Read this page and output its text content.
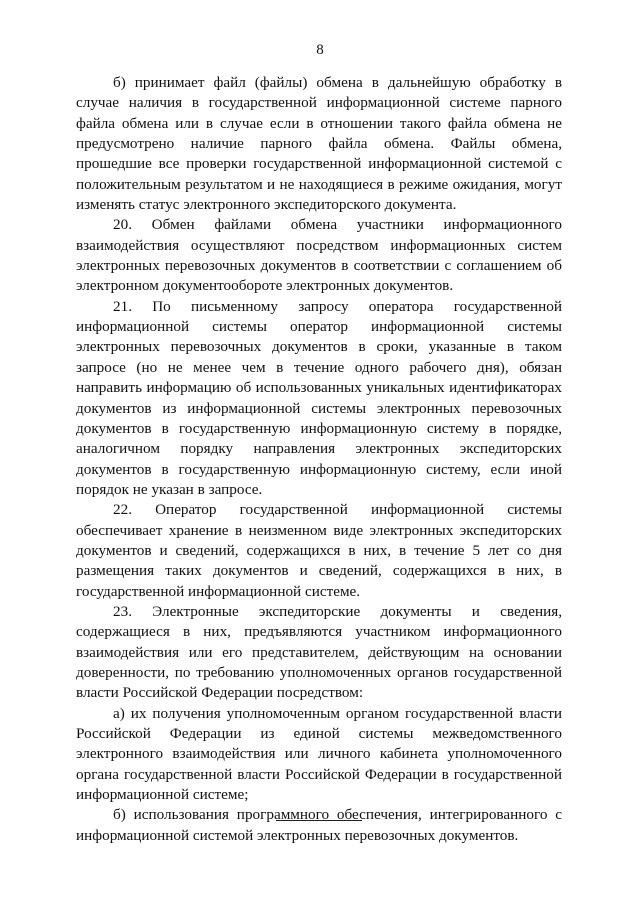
8

б) принимает файл (файлы) обмена в дальнейшую обработку в случае наличия в государственной информационной системе парного файла обмена или в случае если в отношении такого файла обмена не предусмотрено наличие парного файла обмена. Файлы обмена, прошедшие все проверки государственной информационной системой с положительным результатом и не находящиеся в режиме ожидания, могут изменять статус электронного экспедиторского документа.

20. Обмен файлами обмена участники информационного взаимодействия осуществляют посредством информационных систем электронных перевозочных документов в соответствии с соглашением об электронном документообороте электронных документов.

21. По письменному запросу оператора государственной информационной системы оператор информационной системы электронных перевозочных документов в сроки, указанные в таком запросе (но не менее чем в течение одного рабочего дня), обязан направить информацию об использованных уникальных идентификаторах документов из информационной системы электронных перевозочных документов в государственную информационную систему в порядке, аналогичном порядку направления электронных экспедиторских документов в государственную информационную систему, если иной порядок не указан в запросе.

22. Оператор государственной информационной системы обеспечивает хранение в неизменном виде электронных экспедиторских документов и сведений, содержащихся в них, в течение 5 лет со дня размещения таких документов и сведений, содержащихся в них, в государственной информационной системе.

23. Электронные экспедиторские документы и сведения, содержащиеся в них, предъявляются участником информационного взаимодействия или его представителем, действующим на основании доверенности, по требованию уполномоченных органов государственной власти Российской Федерации посредством:

а) их получения уполномоченным органом государственной власти Российской Федерации из единой системы межведомственного электронного взаимодействия или личного кабинета уполномоченного органа государственной власти Российской Федерации в государственной информационной системе;

б) использования программного обеспечения, интегрированного с информационной системой электронных перевозочных документов.
